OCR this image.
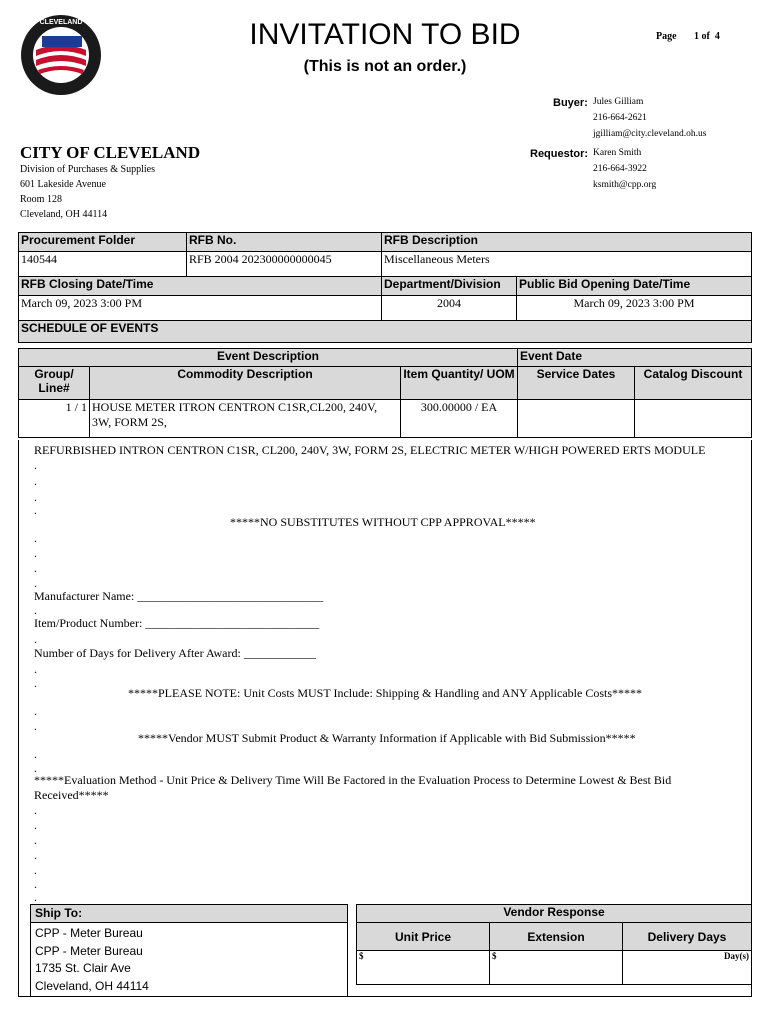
CLEVELAND	INVITATION TO BID
(This is not an order.)
Page 1 of 4
Buyer: Jules Gilliam
216-664-2621
jgilliam@city.cleveland.oh.us
Requestor: Karen Smith
216-664-3922
ksmith@cpp.org
CITY OF CLEVELAND
Division of Purchases & Supplies
601 Lakeside Avenue
Room 128
Cleveland, OH 44114
Procurement Folder	RFB No.	RFB Description	
140544	RFB 2004 202300000000045	Miscellaneous Meters	
RFB Closing Date/Time		Department/Division	Public Bid Opening Date/Time
March 09, 2023 3:00 PM		2004	March 09, 2023 3:00 PM
SCHEDULE OF EVENTS			
Event Description			Event Date	
Group/ Line#	Commodity Description	Item Quantity/ UOM	Service Dates	Catalog Discount
1 / 1	HOUSE METER ITRON CENTRON C1SR,CL200, 240V, 3W, FORM 2S,	300.00000 / EA		
REFURBISHED INTRON CENTRON C1SR, CL200, 240V, 3W, FORM 2S, ELECTRIC METER W/HIGH POWERED ERTS MODULE
.
.
.
.
*****NO SUBSTITUTES WITHOUT CPP APPROVAL*****
.
.
.
.
Manufacturer Name: _______________________________
.
Item/Product Number: _____________________________
.
Number of Days for Delivery After Award: ____________
.
.
*****PLEASE NOTE: Unit Costs MUST Include: Shipping & Handling and ANY Applicable Costs*****
.
.
*****Vendor MUST Submit Product & Warranty Information if Applicable with Bid Submission*****
.
.
*****Evaluation Method - Unit Price & Delivery Time Will Be Factored in the Evaluation Process to Determine Lowest & Best Bid
Received*****
.
.
.
.
.
.
.
Ship To:
CPP - Meter Bureau
CPP - Meter Bureau
1735 St. Clair Ave
Cleveland, OH 44114
Vendor Response		
Unit Price	Extension	Delivery Days
$	$	Day(s)
